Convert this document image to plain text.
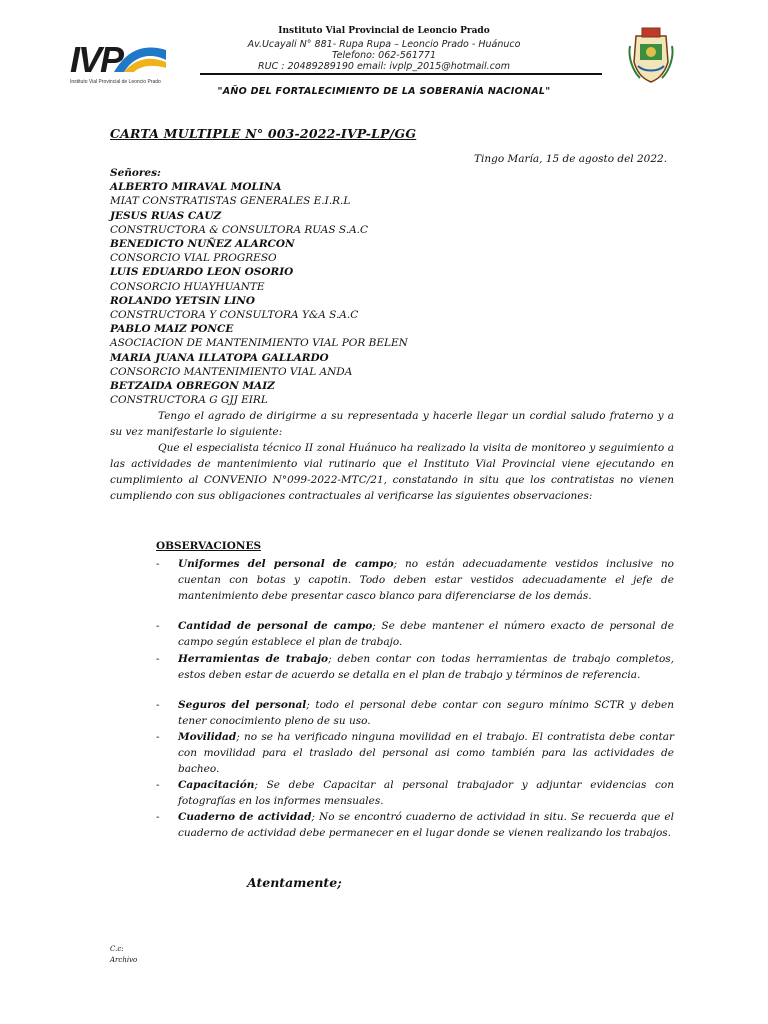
IVP
Instituto Vial Provincial de Leoncio Prado
Instituto Vial Provincial de Leoncio Prado
Av.Ucayali N° 881- Rupa Rupa – Leoncio Prado - Huánuco
Telefono: 062-561771
RUC : 20489289190 email: ivplp_2015@hotmail.com
"AÑO DEL FORTALECIMIENTO DE LA SOBERANÍA NACIONAL"
CARTA MULTIPLE N° 003-2022-IVP-LP/GG
Tingo María, 15 de agosto del 2022.
Señores:
ALBERTO MIRAVAL MOLINA
MIAT CONSTRATISTAS GENERALES E.I.R.L
JESUS RUAS CAUZ
CONSTRUCTORA & CONSULTORA RUAS S.A.C
BENEDICTO NUÑEZ ALARCON
CONSORCIO VIAL PROGRESO
LUIS EDUARDO LEON OSORIO
CONSORCIO HUAYHUANTE
ROLANDO YETSIN LINO
CONSTRUCTORA Y CONSULTORA Y&A S.A.C
PABLO MAIZ PONCE
ASOCIACION DE MANTENIMIENTO VIAL POR BELEN
MARIA JUANA ILLATOPA GALLARDO
CONSORCIO MANTENIMIENTO VIAL ANDA
BETZAIDA OBREGON MAIZ
CONSTRUCTORA G GJJ EIRL
Tengo el agrado de dirigirme a su representada y hacerle llegar un cordial saludo fraterno y a su vez manifestarle lo siguiente:
Que el especialista técnico II zonal Huánuco ha realizado la visita de monitoreo y seguimiento a las actividades de mantenimiento vial rutinario que el Instituto Vial Provincial viene ejecutando en cumplimiento al CONVENIO N°099-2022-MTC/21, constatando in situ que los contratistas no vienen cumpliendo con sus obligaciones contractuales al verificarse las siguientes observaciones:
OBSERVACIONES
- Uniformes del personal de campo; no están adecuadamente vestidos inclusive no cuentan con botas y capotin. Todo deben estar vestidos adecuadamente el jefe de mantenimiento debe presentar casco blanco para diferenciarse de los demás.
- Cantidad de personal de campo; Se debe mantener el número exacto de personal de campo según establece el plan de trabajo.
- Herramientas de trabajo; deben contar con todas herramientas de trabajo completos, estos deben estar de acuerdo se detalla en el plan de trabajo y términos de referencia.
- Seguros del personal; todo el personal debe contar con seguro mínimo SCTR y deben tener conocimiento pleno de su uso.
- Movilidad; no se ha verificado ninguna movilidad en el trabajo. El contratista debe contar con movilidad para el traslado del personal asi como también para las actividades de bacheo.
- Capacitación; Se debe Capacitar al personal trabajador y adjuntar evidencias con fotografías en los informes mensuales.
- Cuaderno de actividad; No se encontró cuaderno de actividad in situ. Se recuerda que el cuaderno de actividad debe permanecer en el lugar donde se vienen realizando los trabajos.
Atentamente;
C.c:
Archivo
